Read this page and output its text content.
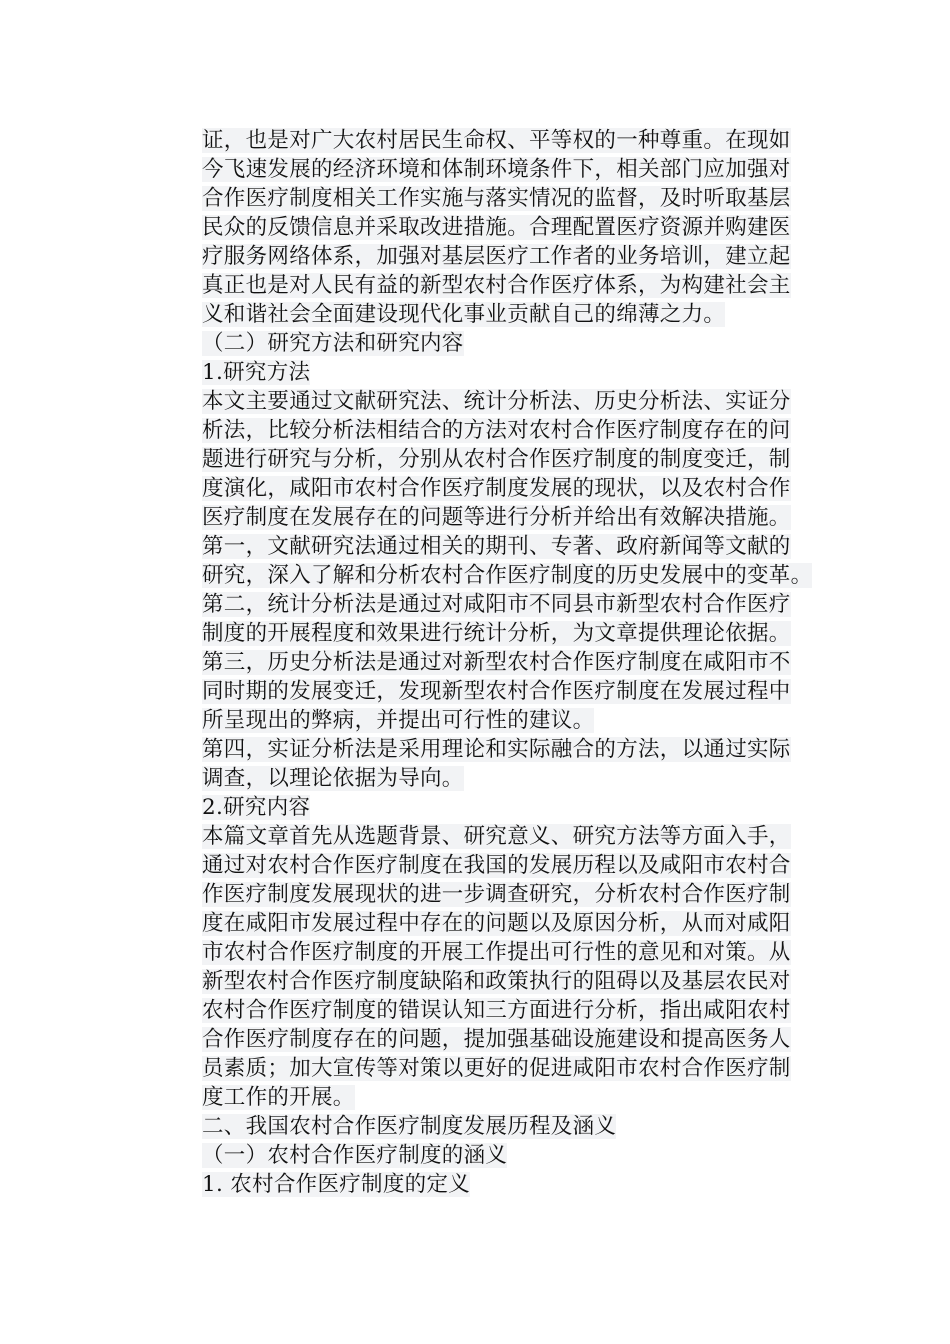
证，也是对广大农村居民生命权、平等权的一种尊重。在现如
今飞速发展的经济环境和体制环境条件下，相关部门应加强对
合作医疗制度相关工作实施与落实情况的监督，及时听取基层
民众的反馈信息并采取改进措施。合理配置医疗资源并购建医
疗服务网络体系，加强对基层医疗工作者的业务培训，建立起
真正也是对人民有益的新型农村合作医疗体系，为构建社会主
义和谐社会全面建设现代化事业贡献自己的绵薄之力。
（二）研究方法和研究内容
1.研究方法
本文主要通过文献研究法、统计分析法、历史分析法、实证分
析法，比较分析法相结合的方法对农村合作医疗制度存在的问
题进行研究与分析，分别从农村合作医疗制度的制度变迁，制
度演化，咸阳市农村合作医疗制度发展的现状，以及农村合作
医疗制度在发展存在的问题等进行分析并给出有效解决措施。
第一，文献研究法通过相关的期刊、专著、政府新闻等文献的
研究，深入了解和分析农村合作医疗制度的历史发展中的变革。
第二，统计分析法是通过对咸阳市不同县市新型农村合作医疗
制度的开展程度和效果进行统计分析，为文章提供理论依据。
第三，历史分析法是通过对新型农村合作医疗制度在咸阳市不
同时期的发展变迁，发现新型农村合作医疗制度在发展过程中
所呈现出的弊病，并提出可行性的建议。
第四，实证分析法是采用理论和实际融合的方法，以通过实际
调查，以理论依据为导向。
2.研究内容
本篇文章首先从选题背景、研究意义、研究方法等方面入手，
通过对农村合作医疗制度在我国的发展历程以及咸阳市农村合
作医疗制度发展现状的进一步调查研究，分析农村合作医疗制
度在咸阳市发展过程中存在的问题以及原因分析，从而对咸阳
市农村合作医疗制度的开展工作提出可行性的意见和对策。从
新型农村合作医疗制度缺陷和政策执行的阻碍以及基层农民对
农村合作医疗制度的错误认知三方面进行分析，指出咸阳农村
合作医疗制度存在的问题，提加强基础设施建设和提高医务人
员素质；加大宣传等对策以更好的促进咸阳市农村合作医疗制
度工作的开展。
二、我国农村合作医疗制度发展历程及涵义
（一）农村合作医疗制度的涵义
1. 农村合作医疗制度的定义
